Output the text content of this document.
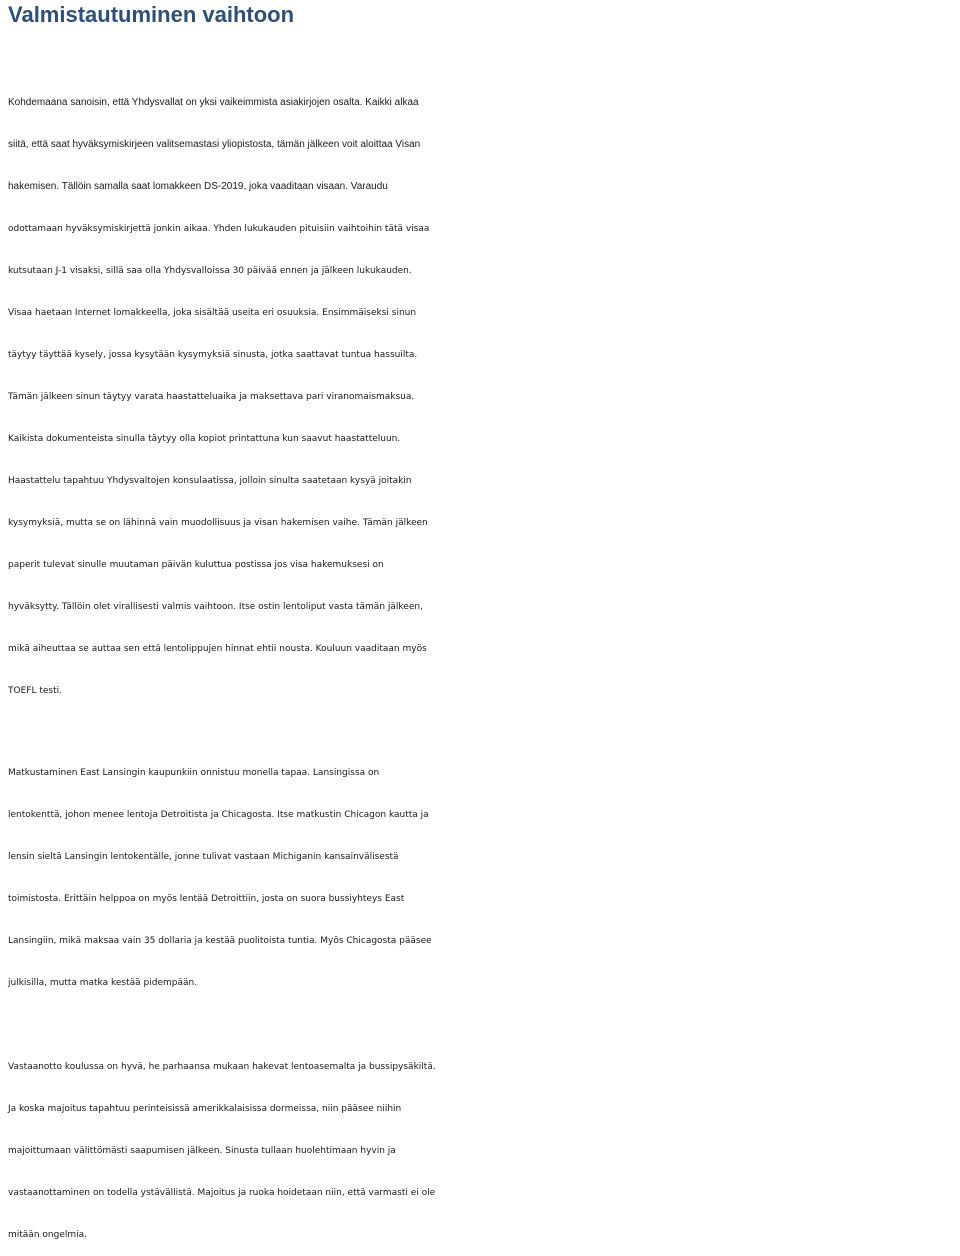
Valmistautuminen vaihtoon
Kohdemaana sanoisin, että Yhdysvallat on yksi vaikeimmista asiakirjojen osalta. Kaikki alkaa
siitä, että saat hyväksymiskirjeen valitsemastasi yliopistosta, tämän jälkeen voit aloittaa Visan
hakemisen. Tällöin samalla saat lomakkeen DS-2019, joka vaaditaan visaan. Varaudu
odottamaan hyväksymiskirjettä jonkin aikaa. Yhden lukukauden pituisiin vaihtoihin tätä visaa
kutsutaan J-1 visaksi, sillä saa olla Yhdysvalloissa 30 päivää ennen ja jälkeen lukukauden.
Visaa haetaan Internet lomakkeella, joka sisältää useita eri osuuksia. Ensimmäiseksi sinun
täytyy täyttää kysely, jossa kysytään kysymyksiä sinusta, jotka saattavat tuntua hassuilta.
Tämän jälkeen sinun täytyy varata haastatteluaika ja maksettava pari viranomaismaksua.
Kaikista dokumenteista sinulla täytyy olla kopiot printattuna kun saavut haastatteluun.
Haastattelu tapahtuu Yhdysvaltojen konsulaatissa, jolloin sinulta saatetaan kysyä joitakin
kysymyksiä, mutta se on lähinnä vain muodollisuus ja visan hakemisen vaihe. Tämän jälkeen
paperit tulevat sinulle muutaman päivän kuluttua postissa jos visa hakemuksesi on
hyväksytty. Tällöin olet virallisesti valmis vaihtoon. Itse ostin lentoliput vasta tämän jälkeen,
mikä aiheuttaa se auttaa sen että lentolippujen hinnat ehtii nousta. Kouluun vaaditaan myös
TOEFL testi.
Matkustaminen East Lansingin kaupunkiin onnistuu monella tapaa. Lansingissa on
lentokenttä, johon menee lentoja Detroitista ja Chicagosta. Itse matkustin Chicagon kautta ja
lensin sieltä Lansingin lentokentälle, jonne tulivat vastaan Michiganin kansainvälisestä
toimistosta. Erittäin helppoa on myös lentää Detroittiin, josta on suora bussiyhteys East
Lansingiin, mikä maksaa vain 35 dollaria ja kestää puolitoista tuntia. Myös Chicagosta pääsee
julkisilla, mutta matka kestää pidempään.
Vastaanotto koulussa on hyvä, he parhaansa mukaan hakevat lentoasemalta ja bussipysäkiltä.
Ja koska majoitus tapahtuu perinteisissä amerikkalaisissa dormeissa, niin pääsee niihin
majoittumaan välittömästi saapumisen jälkeen. Sinusta tullaan huolehtimaan hyvin ja
vastaanottaminen on todella ystävällistä. Majoitus ja ruoka hoidetaan niin, että varmasti ei ole
mitään ongelmia.
